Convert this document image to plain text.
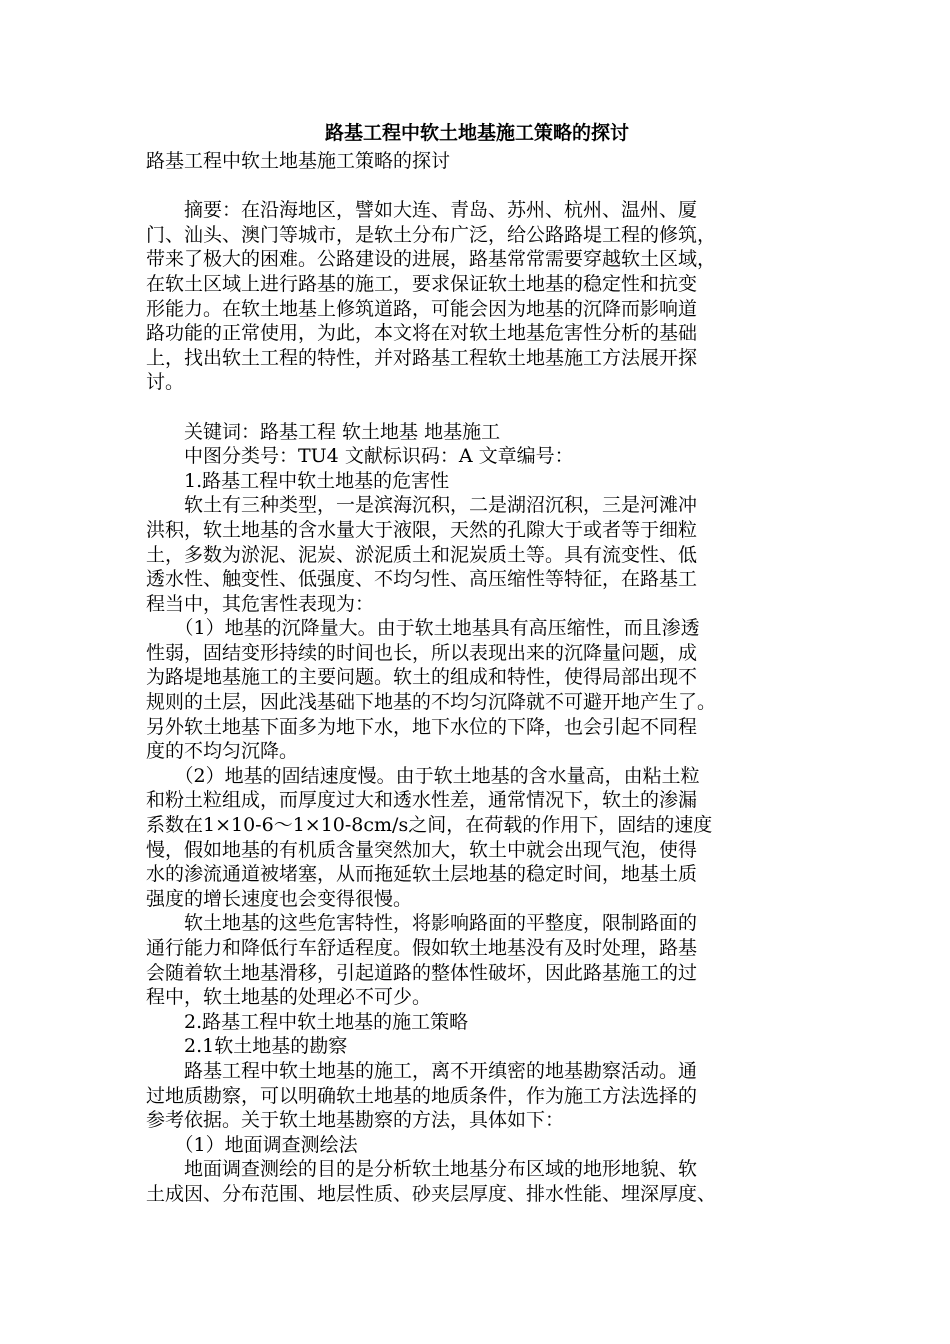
路基工程中软土地基施工策略的探讨
路基工程中软土地基施工策略的探讨

　　摘要：在沿海地区，譬如大连、青岛、苏州、杭州、温州、厦

门、汕头、澳门等城市，是软土分布广泛，给公路路堤工程的修筑，

带来了极大的困难。公路建设的进展，路基常常需要穿越软土区域，

在软土区域上进行路基的施工，要求保证软土地基的稳定性和抗变

形能力。在软土地基上修筑道路，可能会因为地基的沉降而影响道

路功能的正常使用，为此，本文将在对软土地基危害性分析的基础

上，找出软土工程的特性，并对路基工程软土地基施工方法展开探

讨。

　　关键词：路基工程 软土地基 地基施工

　　中图分类号：TU4 文献标识码：A 文章编号：

　　1.路基工程中软土地基的危害性

　　软土有三种类型，一是滨海沉积，二是湖沼沉积，三是河滩冲

洪积，软土地基的含水量大于液限，天然的孔隙大于或者等于细粒

土，多数为淤泥、泥炭、淤泥质土和泥炭质土等。具有流变性、低

透水性、触变性、低强度、不均匀性、高压缩性等特征，在路基工

程当中，其危害性表现为：

　　（1）地基的沉降量大。由于软土地基具有高压缩性，而且渗透

性弱，固结变形持续的时间也长，所以表现出来的沉降量问题，成

为路堤地基施工的主要问题。软土的组成和特性，使得局部出现不

规则的土层，因此浅基础下地基的不均匀沉降就不可避开地产生了。

另外软土地基下面多为地下水，地下水位的下降，也会引起不同程

度的不均匀沉降。

　　（2）地基的固结速度慢。由于软土地基的含水量高，由粘土粒

和粉土粒组成，而厚度过大和透水性差，通常情况下，软土的渗漏

系数在1×10-6～1×10-8cm/s之间，在荷载的作用下，固结的速度

慢，假如地基的有机质含量突然加大，软土中就会出现气泡，使得

水的渗流通道被堵塞，从而拖延软土层地基的稳定时间，地基土质

强度的增长速度也会变得很慢。

　　软土地基的这些危害特性，将影响路面的平整度，限制路面的

通行能力和降低行车舒适程度。假如软土地基没有及时处理，路基

会随着软土地基滑移，引起道路的整体性破坏，因此路基施工的过

程中，软土地基的处理必不可少。

　　2.路基工程中软土地基的施工策略

　　2.1软土地基的勘察

　　路基工程中软土地基的施工，离不开缜密的地基勘察活动。通

过地质勘察，可以明确软土地基的地质条件，作为施工方法选择的

参考依据。关于软土地基勘察的方法，具体如下：

　　（1）地面调查测绘法

　　地面调查测绘的目的是分析软土地基分布区域的地形地貌、软

土成因、分布范围、地层性质、砂夹层厚度、排水性能、埋深厚度、
